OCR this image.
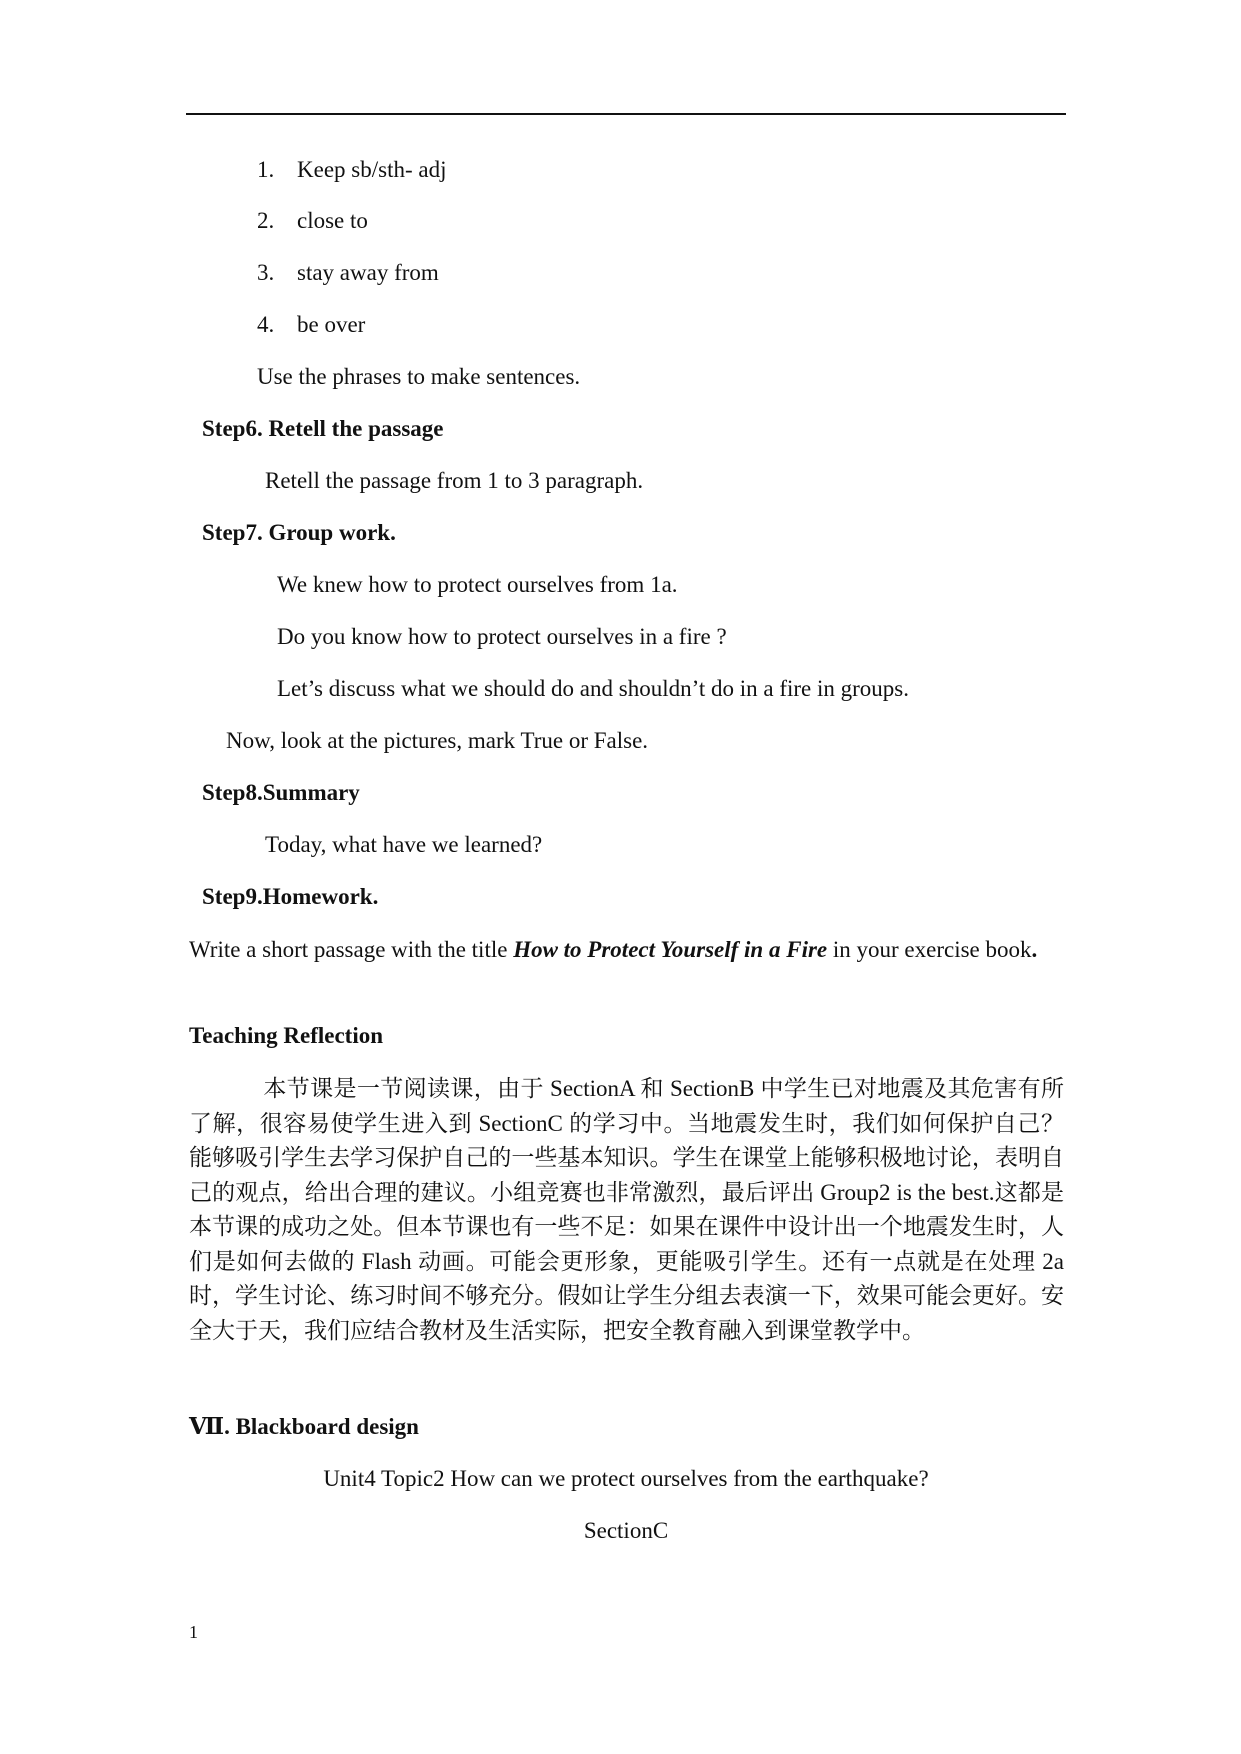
1. Keep sb/sth- adj
2. close to
3. stay away from
4. be over
Use the phrases to make sentences.
Step6. Retell the passage
Retell the passage from 1 to 3 paragraph.
Step7. Group work.
We knew how to protect ourselves from 1a.
Do you know how to protect ourselves in a fire ?
Let’s discuss what we should do and shouldn’t do in a fire in groups.
Now, look at the pictures, mark True or False.
Step8.Summary
Today, what have we learned?
Step9.Homework.
Write a short passage with the title How to Protect Yourself in a Fire in your exercise book.
Teaching Reflection
本节课是一节阅读课，由于 SectionA 和 SectionB 中学生已对地震及其危害有所了解，很容易使学生进入到 SectionC 的学习中。当地震发生时，我们如何保护自己？能够吸引学生去学习保护自己的一些基本知识。学生在课堂上能够积极地讨论，表明自己的观点，给出合理的建议。小组竞赛也非常激烈，最后评出 Group2 is the best.这都是本节课的成功之处。但本节课也有一些不足：如果在课件中设计出一个地震发生时，人们是如何去做的 Flash 动画。可能会更形象，更能吸引学生。还有一点就是在处理 2a 时，学生讨论、练习时间不够充分。假如让学生分组去表演一下，效果可能会更好。安全大于天，我们应结合教材及生活实际，把安全教育融入到课堂教学中。
Ⅶ. Blackboard design
Unit4 Topic2 How can we protect ourselves from the earthquake?
SectionC
1
